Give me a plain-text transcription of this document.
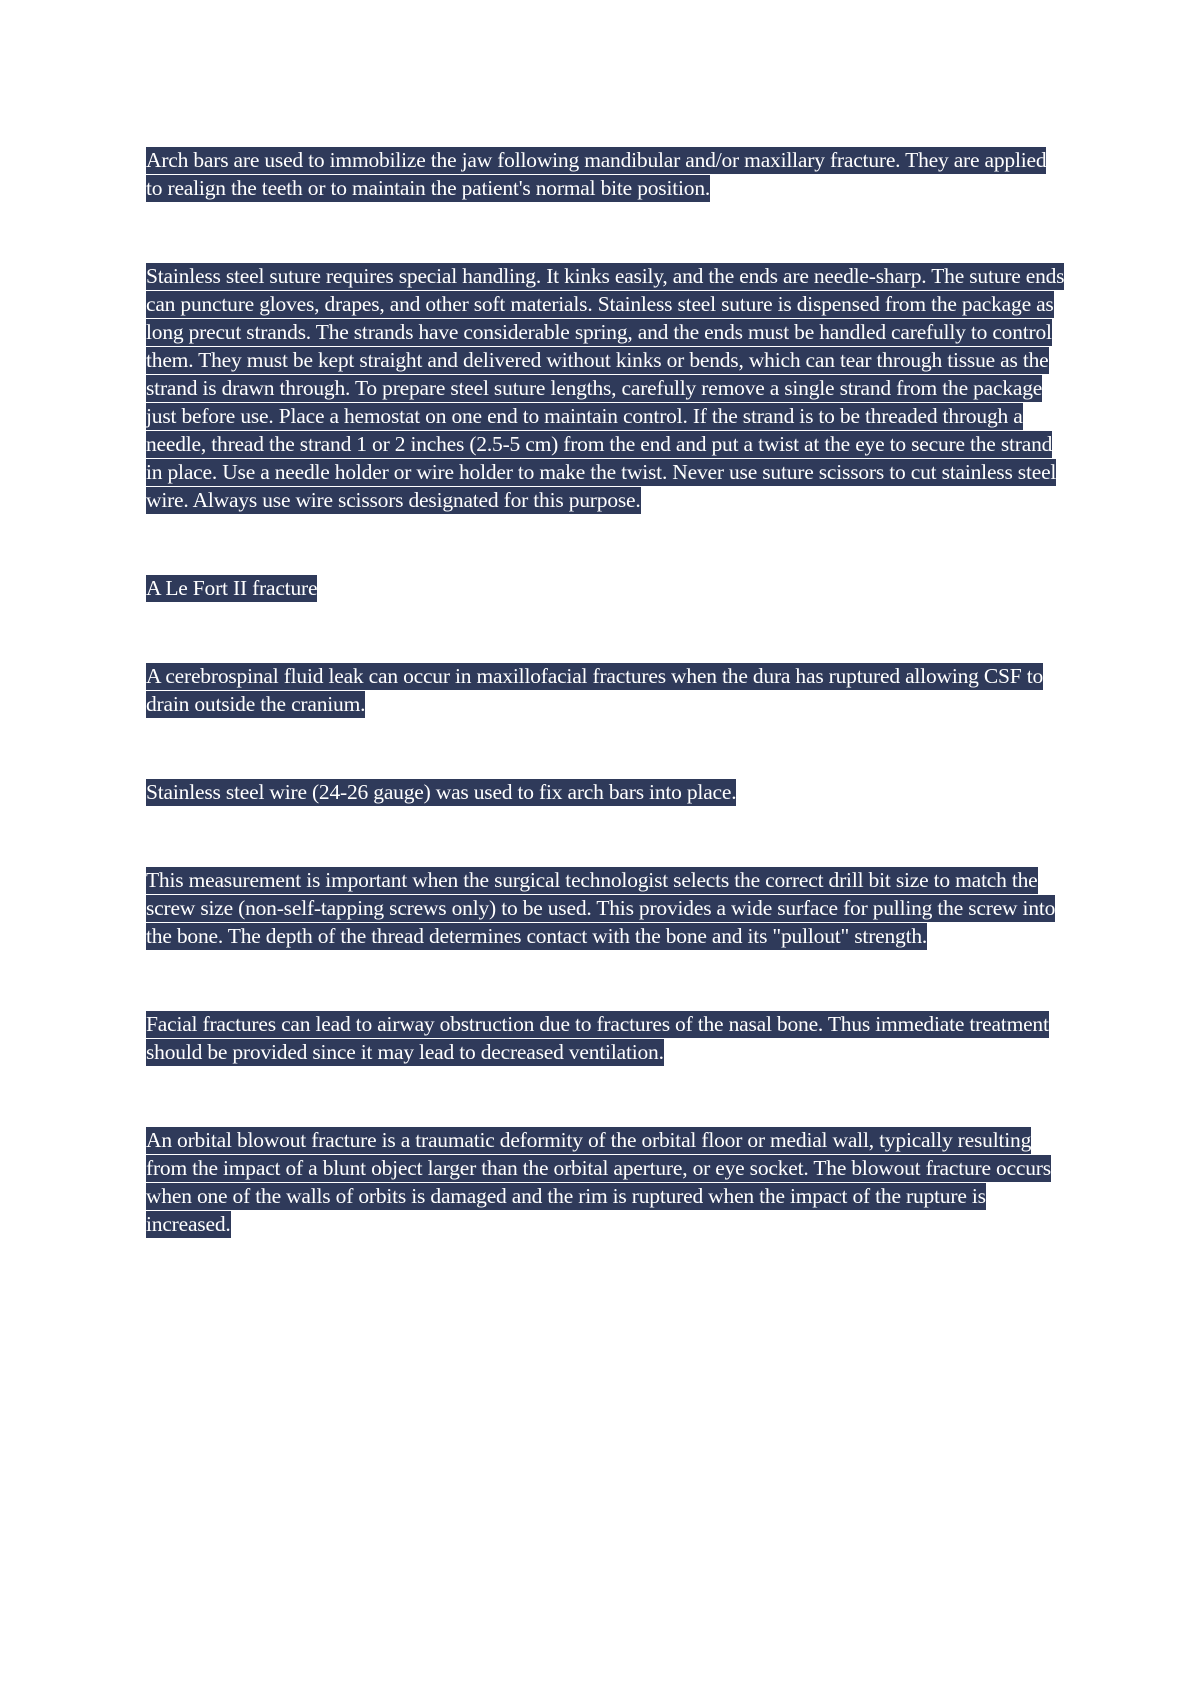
Arch bars are used to immobilize the jaw following mandibular and/or maxillary fracture. They are applied to realign the teeth or to maintain the patient's normal bite position.

Stainless steel suture requires special handling. It kinks easily, and the ends are needle-sharp. The suture ends can puncture gloves, drapes, and other soft materials. Stainless steel suture is dispensed from the package as long precut strands. The strands have considerable spring, and the ends must be handled carefully to control them. They must be kept straight and delivered without kinks or bends, which can tear through tissue as the strand is drawn through. To prepare steel suture lengths, carefully remove a single strand from the package just before use. Place a hemostat on one end to maintain control. If the strand is to be threaded through a needle, thread the strand 1 or 2 inches (2.5-5 cm) from the end and put a twist at the eye to secure the strand in place. Use a needle holder or wire holder to make the twist. Never use suture scissors to cut stainless steel wire. Always use wire scissors designated for this purpose.

A Le Fort II fracture

A cerebrospinal fluid leak can occur in maxillofacial fractures when the dura has ruptured allowing CSF to drain outside the cranium.

Stainless steel wire (24-26 gauge) was used to fix arch bars into place.

This measurement is important when the surgical technologist selects the correct drill bit size to match the screw size (non-self-tapping screws only) to be used. This provides a wide surface for pulling the screw into the bone. The depth of the thread determines contact with the bone and its "pullout" strength.

Facial fractures can lead to airway obstruction due to fractures of the nasal bone. Thus immediate treatment should be provided since it may lead to decreased ventilation.

An orbital blowout fracture is a traumatic deformity of the orbital floor or medial wall, typically resulting from the impact of a blunt object larger than the orbital aperture, or eye socket. The blowout fracture occurs when one of the walls of orbits is damaged and the rim is ruptured when the impact of the rupture is increased.
